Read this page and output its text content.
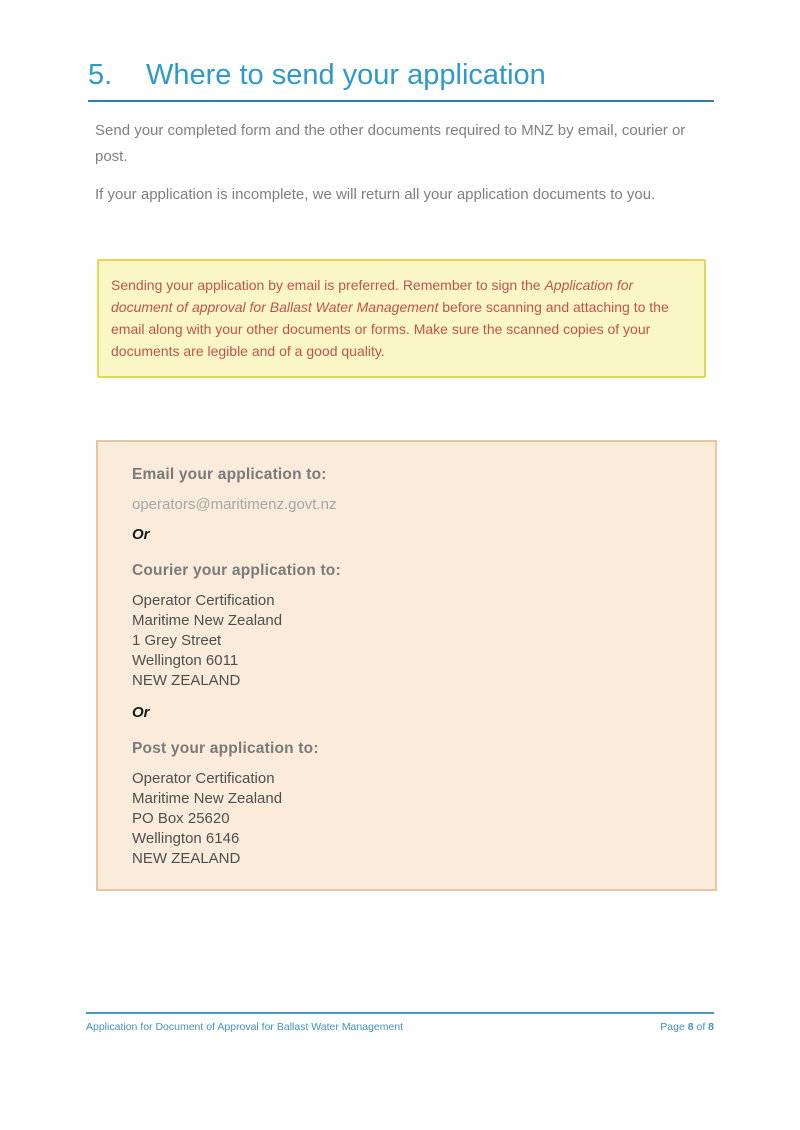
5.	Where to send your application

Send your completed form and the other documents required to MNZ by email, courier or post.

If your application is incomplete, we will return all your application documents to you.

Sending your application by email is preferred. Remember to sign the Application for document of approval for Ballast Water Management before scanning and attaching to the email along with your other documents or forms. Make sure the scanned copies of your documents are legible and of a good quality.

Email your application to:
operators@maritimenz.govt.nz
Or
Courier your application to:
Operator Certification
Maritime New Zealand
1 Grey Street
Wellington 6011
NEW ZEALAND
Or
Post your application to:
Operator Certification
Maritime New Zealand
PO Box 25620
Wellington 6146
NEW ZEALAND
Application for Document of Approval for Ballast Water Management	Page 8 of 8
